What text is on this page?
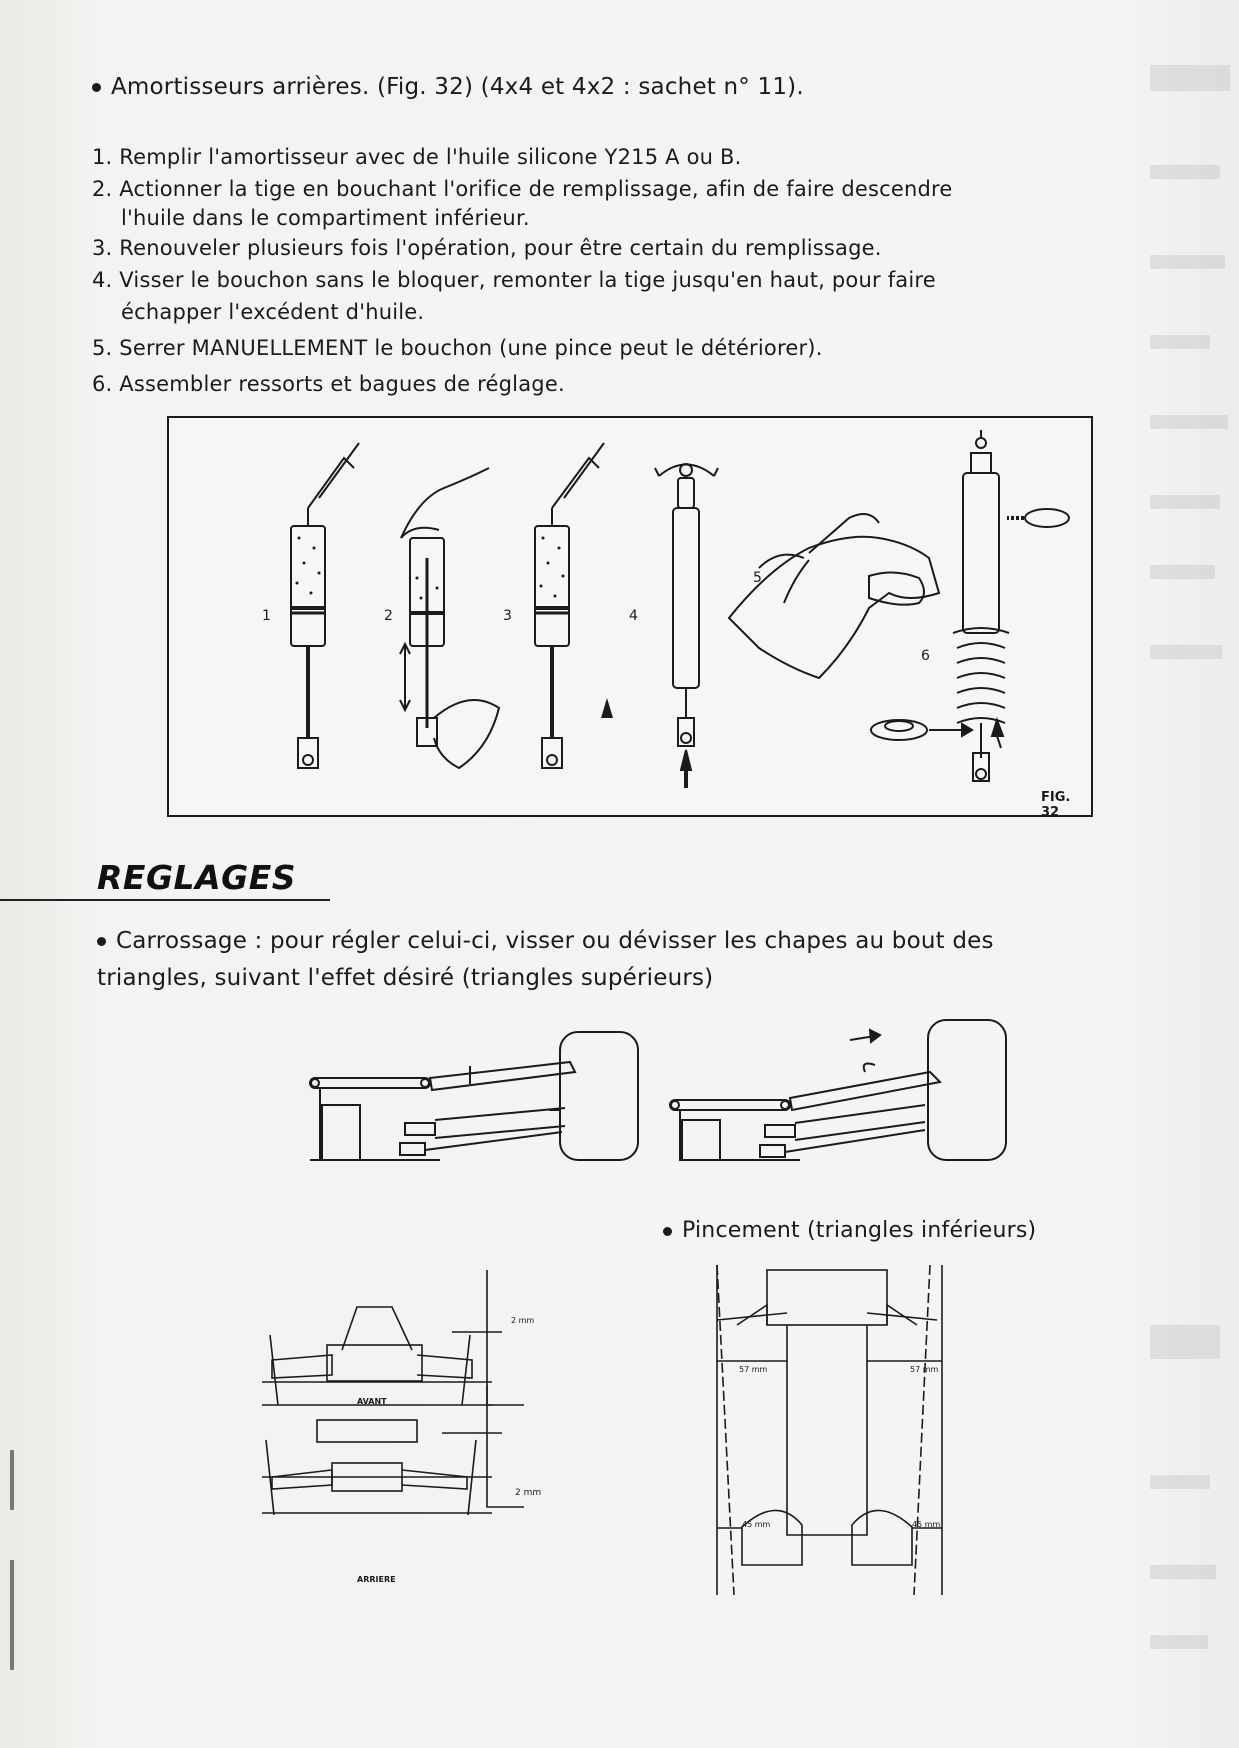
Amortisseurs arrières. (Fig. 32) (4x4 et 4x2 : sachet n° 11).
1. Remplir l'amortisseur avec de l'huile silicone Y215 A ou B.
2. Actionner la tige en bouchant l'orifice de remplissage, afin de faire descendre
l'huile dans le compartiment inférieur.
3. Renouveler plusieurs fois l'opération, pour être certain du remplissage.
4. Visser le bouchon sans le bloquer, remonter la tige jusqu'en haut, pour faire
échapper l'excédent d'huile.
5. Serrer MANUELLEMENT le bouchon (une pince peut le détériorer).
6. Assembler ressorts et bagues de réglage.
1	2	3	4
5
6
FIG. 32
REGLAGES
Carrossage : pour régler celui-ci, visser ou dévisser les chapes au bout des
triangles, suivant l'effet désiré (triangles supérieurs)
Pincement (triangles inférieurs)
AVANT
ARRIERE
2 mm
2 mm
57 mm	57 mm
45 mm	45 mm
